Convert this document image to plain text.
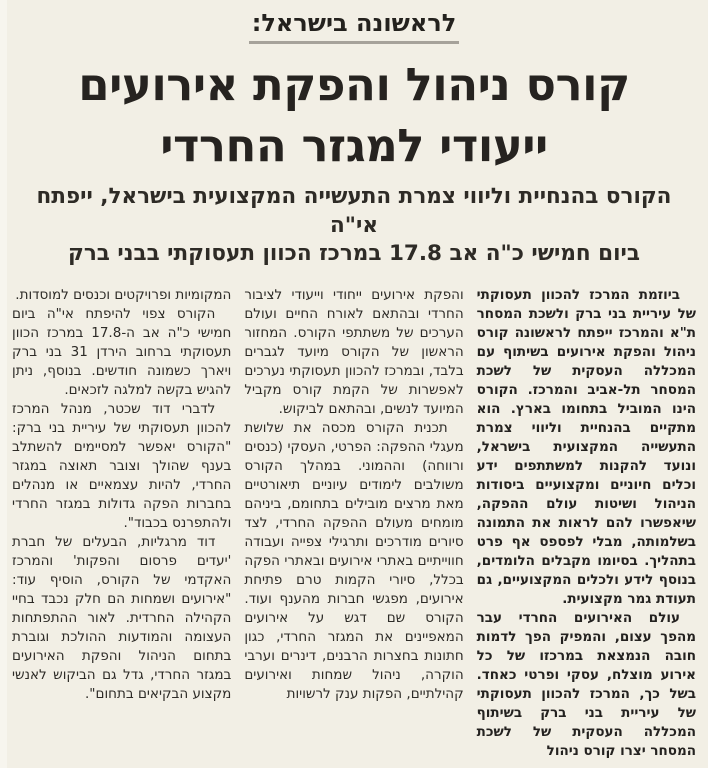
לראשונה בישראל:
קורס ניהול והפקת אירועים
ייעודי למגזר החרדי
הקורס בהנחיית וליווי צמרת התעשייה המקצועית בישראל, ייפתח אי"ה
ביום חמישי כ"ה אב 17.8 במרכז הכוון תעסוקתי בבני ברק

ביוזמת המרכז להכוון תעסוקתי של עיריית בני ברק ולשכת המסחר ת"א והמרכז ייפתח לראשונה קורס ניהול והפקת אירועים בשיתוף עם המכללה העסקית של לשכת המסחר תל-אביב והמרכז. הקורס הינו המוביל בתחומו בארץ. הוא מתקיים בהנחיית וליווי צמרת התעשייה המקצועית בישראל, ונועד להקנות למשתתפים ידע וכלים חיוניים ומקצועיים ביסודות הניהול ושיטות עולם ההפקה, שיאפשרו להם לראות את התמונה בשלמותה, מבלי לפספס אף פרט בתהליך. בסיומו מקבלים הלומדים, בנוסף לידע ולכלים המקצועיים, גם תעודת גמר מקצועית.

עולם האירועים החרדי עבר מהפך עצום, והמפיק הפך לדמות חובה הנמצאת במרכזו של כל אירוע מוצלח, עסקי ופרטי כאחד. בשל כך, המרכז להכוון תעסוקתי של עיריית בני ברק בשיתוף המכללה העסקית של לשכת המסחר יצרו קורס ניהול

והפקת אירועים ייחודי וייעודי לציבור החרדי ובהתאם לאורח החיים ועולם הערכים של משתתפי הקורס. המחזור הראשון של הקורס מיועד לגברים בלבד, ובמרכז להכוון תעסוקתי נערכים לאפשרות של הקמת קורס מקביל המיועד לנשים, ובהתאם לביקוש.

תכנית הקורס מכסה את שלושת מעגלי ההפקה: הפרטי, העסקי (כנסים ורווחה) וההמוני. במהלך הקורס משולבים לימודים עיוניים תיאורטיים מאת מרצים מובילים בתחומם, ביניהם מומחים מעולם ההפקה החרדי, לצד סיורים מודרכים ותרגילי צפייה ועבודה חווייתיים באתרי אירועים ובאתרי הפקה בכלל, סיורי הקמות טרם פתיחת אירועים, מפגשי חברות מהענף ועוד. הקורס שם דגש על אירועים המאפיינים את המגזר החרדי, כגון חתונות בחצרות הרבנים, דינרים וערבי הוקרה, ניהול שמחות ואירועים קהילתיים, הפקות ענק לרשויות

המקומיות ופרויקטים וכנסים למוסדות.

הקורס צפוי להיפתח אי"ה ביום חמישי כ"ה אב ה-17.8 במרכז הכוון תעסוקתי ברחוב הירדן 31 בני ברק ויארך כשמונה חודשים. בנוסף, ניתן להגיש בקשה למלגה לזכאים.

לדברי דוד שכטר, מנהל המרכז להכוון תעסוקתי של עיריית בני ברק: "הקורס יאפשר למסיימים להשתלב בענף שהולך וצובר תאוצה במגזר החרדי, להיות עצמאיים או מנהלים בחברות הפקה גדולות במגזר החרדי ולהתפרנס בכבוד".

דוד מרגליות, הבעלים של חברת 'יעדים פרסום והפקות' והמרכז האקדמי של הקורס, הוסיף עוד: "אירועים ושמחות הם חלק נכבד בחיי הקהילה החרדית. לאור ההתפתחות העצומה והמודעות ההולכת וגוברת בתחום הניהול והפקת האירועים במגזר החרדי, גדל גם הביקוש לאנשי מקצוע הבקיאים בתחום".
